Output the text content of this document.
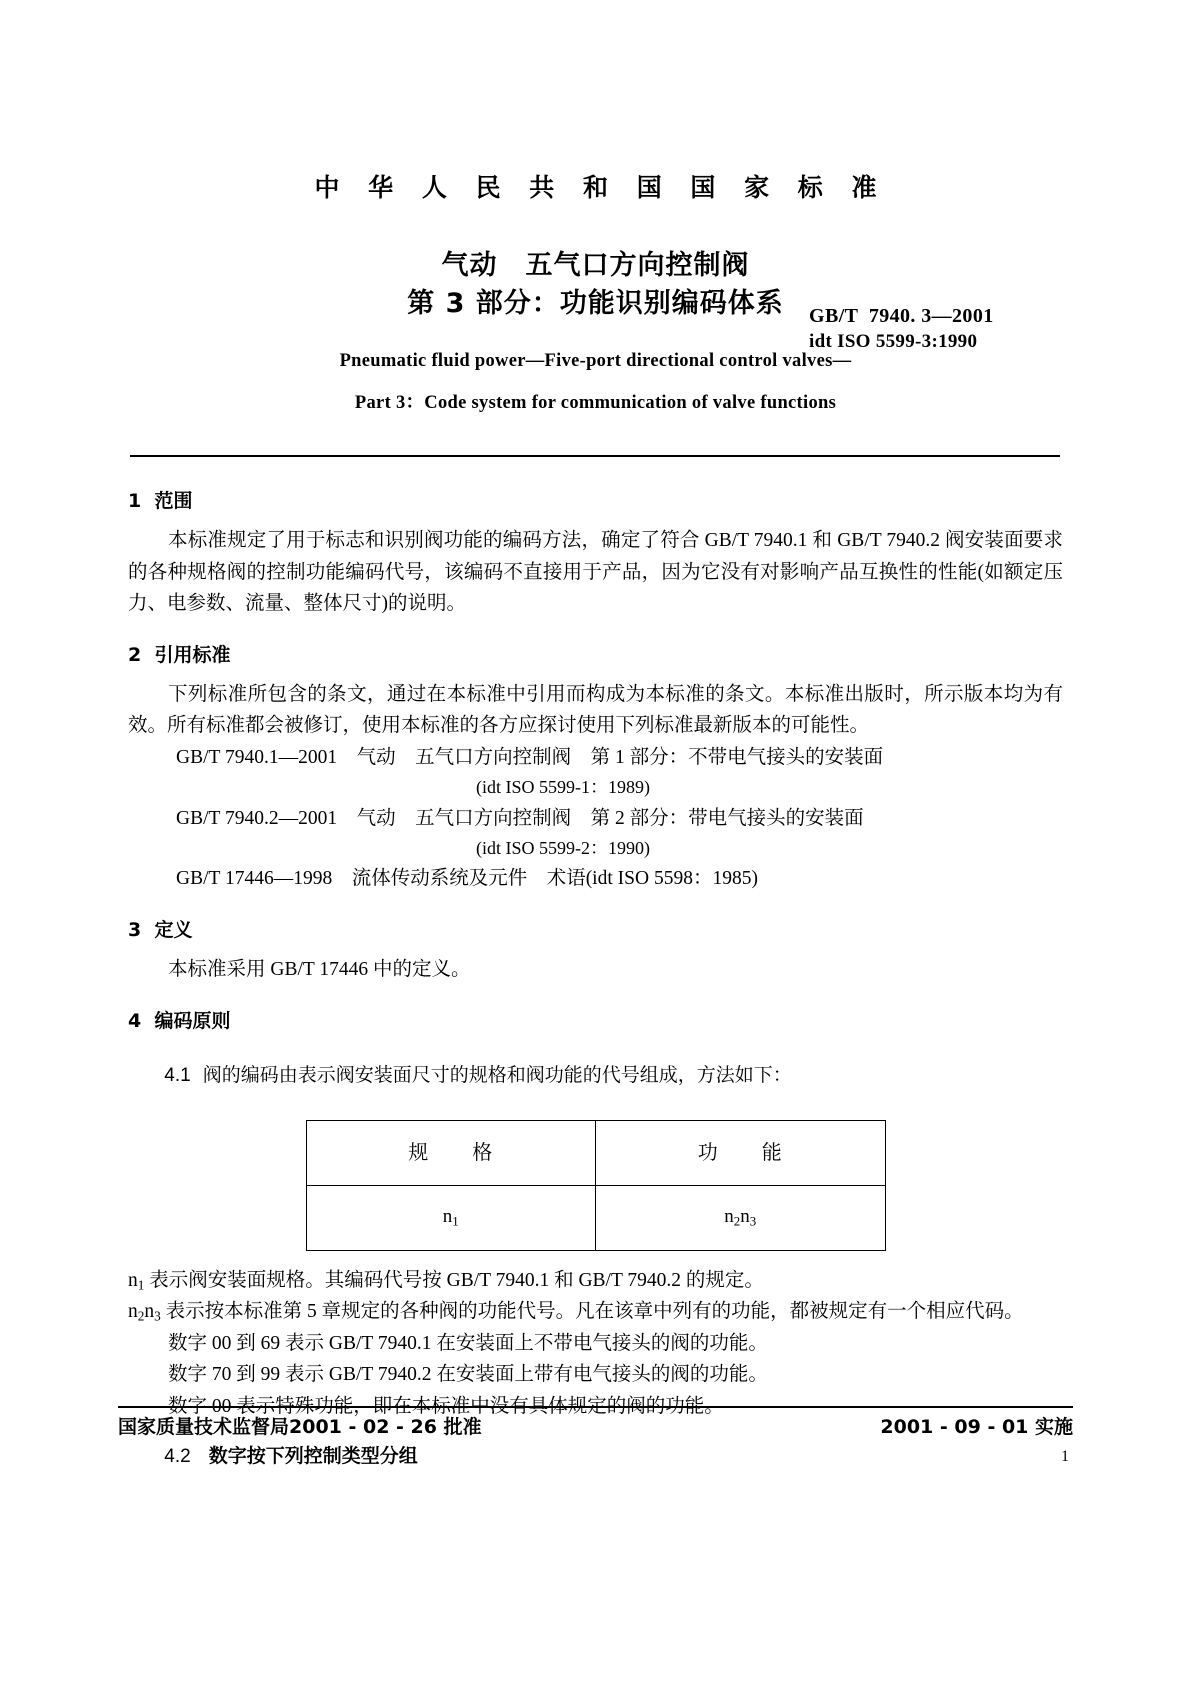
中 华 人 民 共 和 国 国 家 标 准
气动　五气口方向控制阀
第 3 部分：功能识别编码体系	GB/T  7940. 3—2001
idt ISO 5599-3:1990
Pneumatic fluid power—Five-port directional control valves—
Part 3：Code system for communication of valve functions
1  范围

本标准规定了用于标志和识别阀功能的编码方法，确定了符合 GB/T 7940.1 和 GB/T 7940.2 阀安装面要求的各种规格阀的控制功能编码代号，该编码不直接用于产品，因为它没有对影响产品互换性的性能(如额定压力、电参数、流量、整体尺寸)的说明。

2  引用标准

下列标准所包含的条文，通过在本标准中引用而构成为本标准的条文。本标准出版时，所示版本均为有效。所有标准都会被修订，使用本标准的各方应探讨使用下列标准最新版本的可能性。

GB/T 7940.1—2001　气动　五气口方向控制阀　第 1 部分：不带电气接头的安装面

(idt ISO 5599-1：1989)

GB/T 7940.2—2001　气动　五气口方向控制阀　第 2 部分：带电气接头的安装面

(idt ISO 5599-2：1990)

GB/T 17446—1998　流体传动系统及元件　术语(idt ISO 5598：1985)

3  定义

本标准采用 GB/T 17446 中的定义。

4  编码原则

4.1 阀的编码由表示阀安装面尺寸的规格和阀功能的代号组成，方法如下：

规　格	功　能
$n_1$	$n_2n_3$

$n_1$ 表示阀安装面规格。其编码代号按 GB/T 7940.1 和 GB/T 7940.2 的规定。

$n_2n_3$ 表示按本标准第 5 章规定的各种阀的功能代号。凡在该章中列有的功能，都被规定有一个相应代码。

数字 00 到 69 表示 GB/T 7940.1 在安装面上不带电气接头的阀的功能。

数字 70 到 99 表示 GB/T 7940.2 在安装面上带有电气接头的阀的功能。

数字 00 表示特殊功能，即在本标准中没有具体规定的阀的功能。

4.2 数字按下列控制类型分组

国家质量技术监督局2001 - 02 - 26 批准	2001 - 09 - 01 实施
1
